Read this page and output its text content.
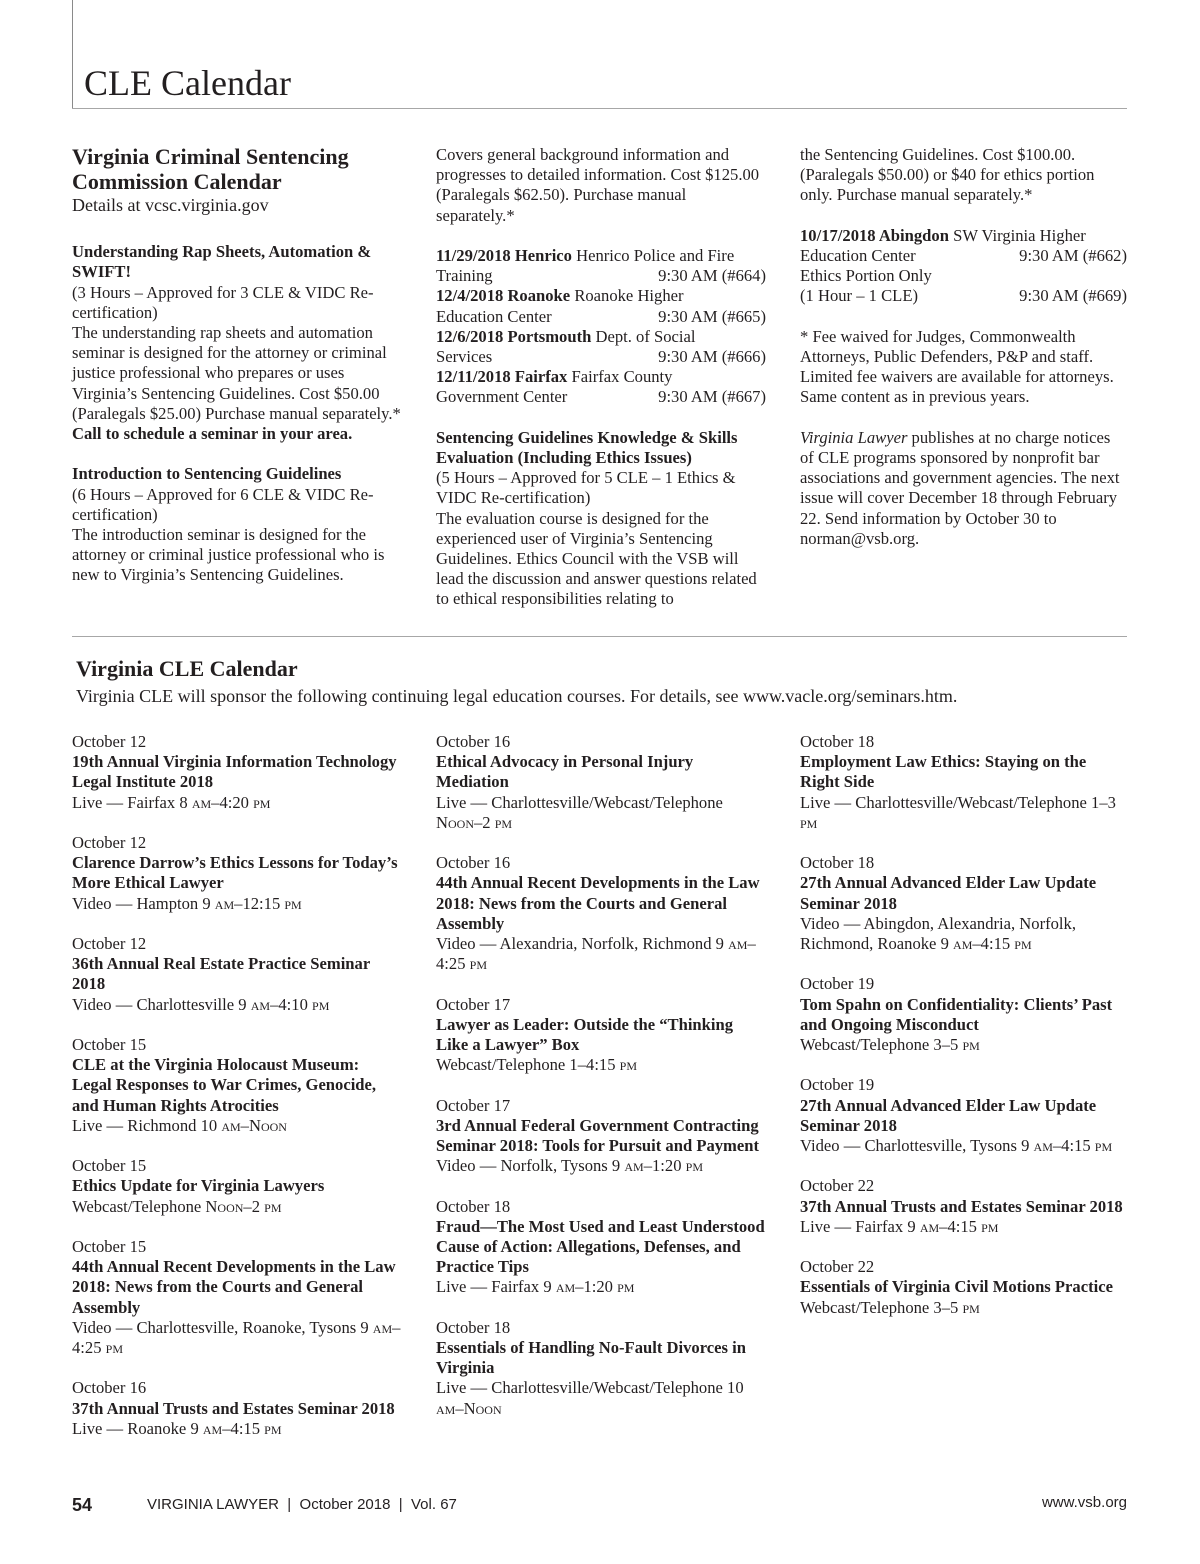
CLE Calendar

Virginia Criminal Sentencing Commission Calendar

Details at vcsc.virginia.gov

Understanding Rap Sheets, Automation & SWIFT!

(3 Hours – Approved for 3 CLE & VIDC Re-certification)

The understanding rap sheets and automation seminar is designed for the attorney or criminal justice professional who prepares or uses Virginia’s Sentencing Guidelines. Cost $50.00 (Paralegals $25.00) Purchase manual separately.* Call to schedule a seminar in your area.

Introduction to Sentencing Guidelines

(6 Hours – Approved for 6 CLE & VIDC Re-certification)

The introduction seminar is designed for the attorney or criminal justice professional who is new to Virginia’s Sentencing Guidelines.

Covers general background information and progresses to detailed information. Cost $125.00 (Paralegals $62.50). Purchase manual separately.*

11/29/2018 Henrico Henrico Police and Fire

Training	9:30 AM (#664)

12/4/2018 Roanoke Roanoke Higher

Education Center	9:30 AM (#665)

12/6/2018 Portsmouth Dept. of Social

Services	9:30 AM (#666)

12/11/2018 Fairfax Fairfax County

Government Center	9:30 AM (#667)

Sentencing Guidelines Knowledge & Skills Evaluation (Including Ethics Issues)

(5 Hours – Approved for 5 CLE – 1 Ethics & VIDC Re-certification)

The evaluation course is designed for the experienced user of Virginia’s Sentencing Guidelines. Ethics Council with the VSB will lead the discussion and answer questions related to ethical responsibilities relating to

the Sentencing Guidelines. Cost $100.00. (Paralegals $50.00) or $40 for ethics portion only. Purchase manual separately.*

10/17/2018 Abingdon SW Virginia Higher

Education Center	9:30 AM (#662)

Ethics Portion Only

(1 Hour – 1 CLE)	9:30 AM (#669)

* Fee waived for Judges, Commonwealth Attorneys, Public Defenders, P&P and staff. Limited fee waivers are available for attorneys. Same content as in previous years.

Virginia Lawyer publishes at no charge notices of CLE programs sponsored by nonprofit bar associations and government agencies. The next issue will cover December 18 through February 22. Send information by October 30 to norman@vsb.org.

Virginia CLE Calendar

Virginia CLE will sponsor the following continuing legal education courses. For details, see www.vacle.org/seminars.htm.

October 12

19th Annual Virginia Information Technology Legal Institute 2018

Live — Fairfax 8 am–4:20 pm

October 12

Clarence Darrow’s Ethics Lessons for Today’s More Ethical Lawyer

Video — Hampton 9 am–12:15 pm

October 12

36th Annual Real Estate Practice Seminar 2018

Video — Charlottesville 9 am–4:10 pm

October 15

CLE at the Virginia Holocaust Museum: Legal Responses to War Crimes, Genocide, and Human Rights Atrocities

Live — Richmond 10 am–Noon

October 15

Ethics Update for Virginia Lawyers

Webcast/Telephone Noon–2 pm

October 15

44th Annual Recent Developments in the Law 2018: News from the Courts and General Assembly

Video — Charlottesville, Roanoke, Tysons 9 am–4:25 pm

October 16

37th Annual Trusts and Estates Seminar 2018

Live — Roanoke 9 am–4:15 pm

October 16

Ethical Advocacy in Personal Injury Mediation

Live — Charlottesville/Webcast/Telephone Noon–2 pm

October 16

44th Annual Recent Developments in the Law 2018: News from the Courts and General Assembly

Video — Alexandria, Norfolk, Richmond 9 am–4:25 pm

October 17

Lawyer as Leader: Outside the “Thinking Like a Lawyer” Box

Webcast/Telephone 1–4:15 pm

October 17

3rd Annual Federal Government Contracting Seminar 2018: Tools for Pursuit and Payment

Video — Norfolk, Tysons 9 am–1:20 pm

October 18

Fraud—The Most Used and Least Understood Cause of Action: Allegations, Defenses, and Practice Tips

Live — Fairfax 9 am–1:20 pm

October 18

Essentials of Handling No-Fault Divorces in Virginia

Live — Charlottesville/Webcast/Telephone 10 am–Noon

October 18

Employment Law Ethics: Staying on the Right Side

Live — Charlottesville/Webcast/Telephone 1–3 pm

October 18

27th Annual Advanced Elder Law Update Seminar 2018

Video — Abingdon, Alexandria, Norfolk, Richmond, Roanoke 9 am–4:15 pm

October 19

Tom Spahn on Confidentiality: Clients’ Past and Ongoing Misconduct

Webcast/Telephone 3–5 pm

October 19

27th Annual Advanced Elder Law Update Seminar 2018

Video — Charlottesville, Tysons 9 am–4:15 pm

October 22

37th Annual Trusts and Estates Seminar 2018

Live — Fairfax 9 am–4:15 pm

October 22

Essentials of Virginia Civil Motions Practice

Webcast/Telephone 3–5 pm

54	VIRGINIA LAWYER  |  October 2018  |  Vol. 67	www.vsb.org
